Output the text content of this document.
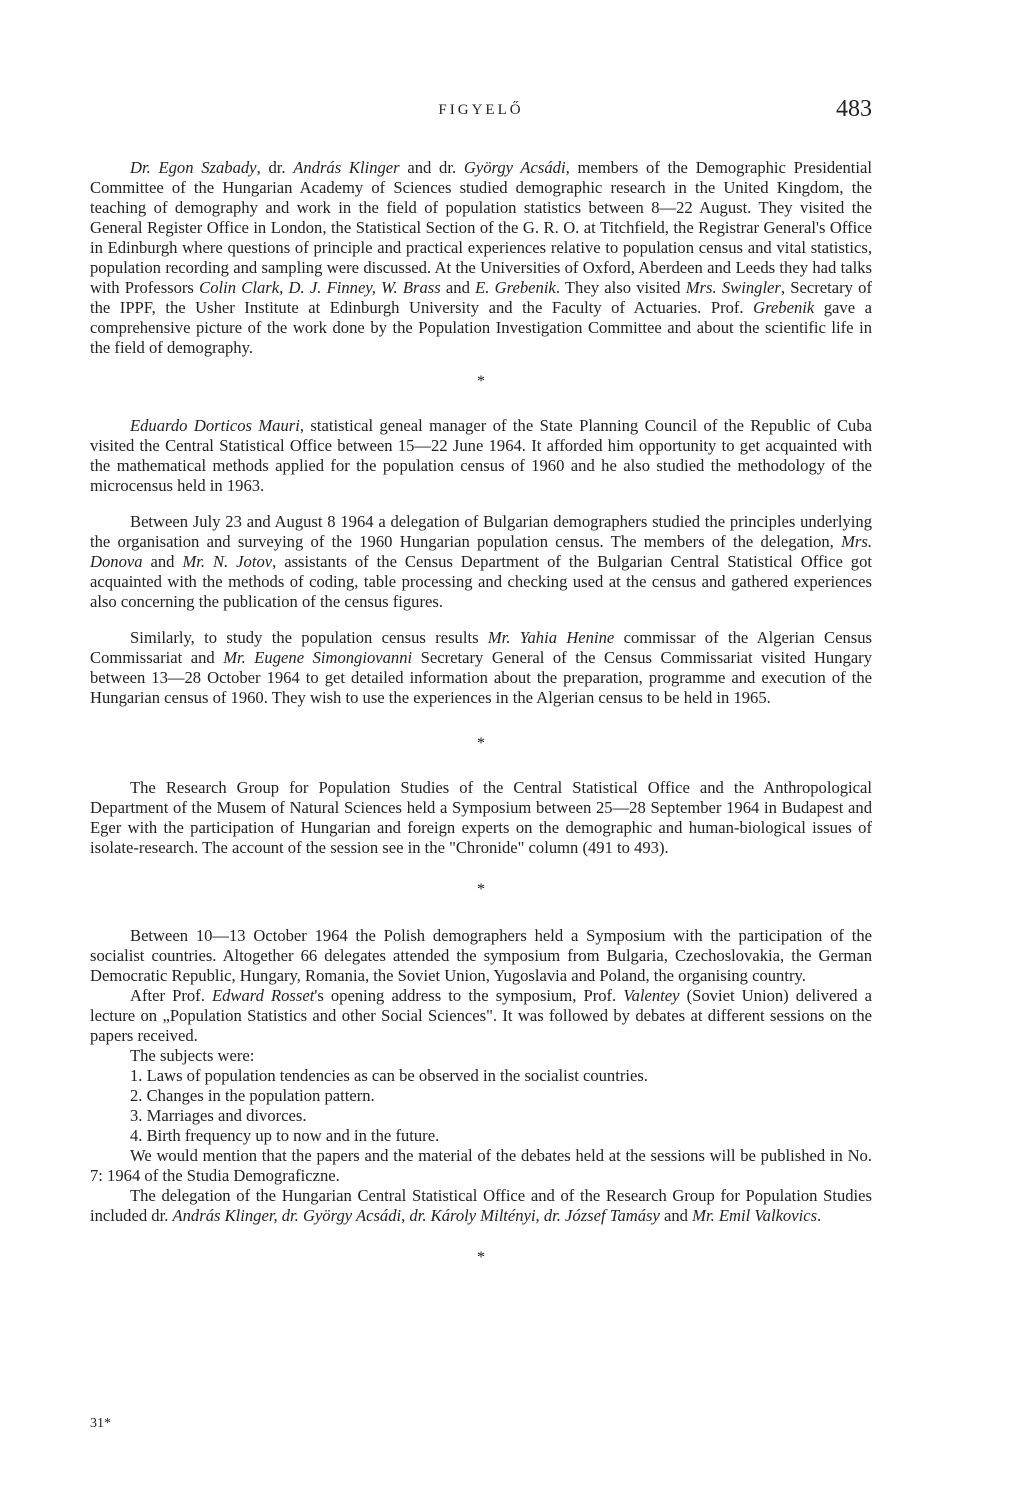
FIGYELŐ	483

Dr. Egon Szabady, dr. András Klinger and dr. György Acsádi, members of the Demographic Presidential Committee of the Hungarian Academy of Sciences studied demographic research in the United Kingdom, the teaching of demography and work in the field of population statistics between 8—22 August. They visited the General Register Office in London, the Statistical Section of the G. R. O. at Titchfield, the Registrar General's Office in Edinburgh where questions of principle and practical experiences relative to population census and vital statistics, population recording and sampling were discussed. At the Universities of Oxford, Aberdeen and Leeds they had talks with Professors Colin Clark, D. J. Finney, W. Brass and E. Grebenik. They also visited Mrs. Swingler, Secretary of the IPPF, the Usher Institute at Edinburgh University and the Faculty of Actuaries. Prof. Grebenik gave a comprehensive picture of the work done by the Population Investigation Committee and about the scientific life in the field of demography.

*

Eduardo Dorticos Mauri, statistical geneal manager of the State Planning Council of the Republic of Cuba visited the Central Statistical Office between 15—22 June 1964. It afforded him opportunity to get acquainted with the mathematical methods applied for the population census of 1960 and he also studied the methodology of the microcensus held in 1963.

Between July 23 and August 8 1964 a delegation of Bulgarian demographers studied the principles underlying the organisation and surveying of the 1960 Hungarian population census. The members of the delegation, Mrs. Donova and Mr. N. Jotov, assistants of the Census Department of the Bulgarian Central Statistical Office got acquainted with the methods of coding, table processing and checking used at the census and gathered experiences also concerning the publication of the census figures.

Similarly, to study the population census results Mr. Yahia Henine commissar of the Algerian Census Commissariat and Mr. Eugene Simongiovanni Secretary General of the Census Commissariat visited Hungary between 13—28 October 1964 to get detailed information about the preparation, programme and execution of the Hungarian census of 1960. They wish to use the experiences in the Algerian census to be held in 1965.

*

The Research Group for Population Studies of the Central Statistical Office and the Anthropological Department of the Musem of Natural Sciences held a Symposium between 25—28 September 1964 in Budapest and Eger with the participation of Hungarian and foreign experts on the demographic and human-biological issues of isolate-research. The account of the session see in the "Chronide" column (491 to 493).

*

Between 10—13 October 1964 the Polish demographers held a Symposium with the participation of the socialist countries. Altogether 66 delegates attended the symposium from Bulgaria, Czechoslovakia, the German Democratic Republic, Hungary, Romania, the Soviet Union, Yugoslavia and Poland, the organising country.

After Prof. Edward Rosset's opening address to the symposium, Prof. Valentey (Soviet Union) delivered a lecture on „Population Statistics and other Social Sciences". It was followed by debates at different sessions on the papers received.

The subjects were:

1. Laws of population tendencies as can be observed in the socialist countries.

2. Changes in the population pattern.

3. Marriages and divorces.

4. Birth frequency up to now and in the future.

We would mention that the papers and the material of the debates held at the sessions will be published in No. 7: 1964 of the Studia Demograficzne.

The delegation of the Hungarian Central Statistical Office and of the Research Group for Population Studies included dr. András Klinger, dr. György Acsádi, dr. Károly Miltényi, dr. József Tamásy and Mr. Emil Valkovics.

*
31*
